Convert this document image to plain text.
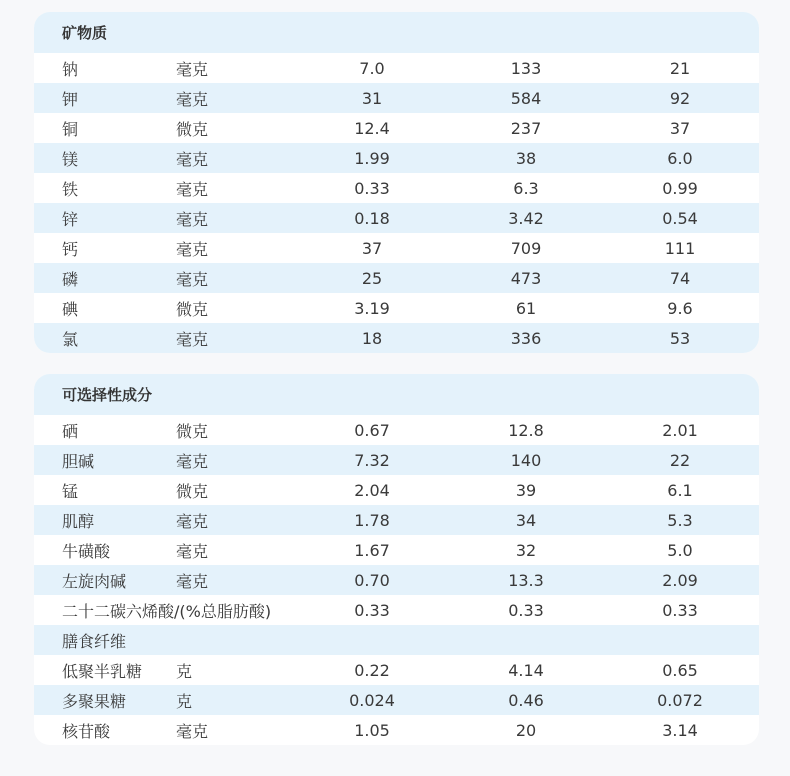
矿物质
钠	毫克	7.0	133	21
钾	毫克	31	584	92
铜	微克	12.4	237	37
镁	毫克	1.99	38	6.0
铁	毫克	0.33	6.3	0.99
锌	毫克	0.18	3.42	0.54
钙	毫克	37	709	111
磷	毫克	25	473	74
碘	微克	3.19	61	9.6
氯	毫克	18	336	53
可选择性成分
硒	微克	0.67	12.8	2.01
胆碱	毫克	7.32	140	22
锰	微克	2.04	39	6.1
肌醇	毫克	1.78	34	5.3
牛磺酸	毫克	1.67	32	5.0
左旋肉碱	毫克	0.70	13.3	2.09
二十二碳六烯酸/(%总脂肪酸)	0.33	0.33	0.33
膳食纤维
低聚半乳糖 克	0.22	4.14	0.65
多聚果糖	克	0.024	0.46	0.072
核苷酸	毫克	1.05	20	3.14
